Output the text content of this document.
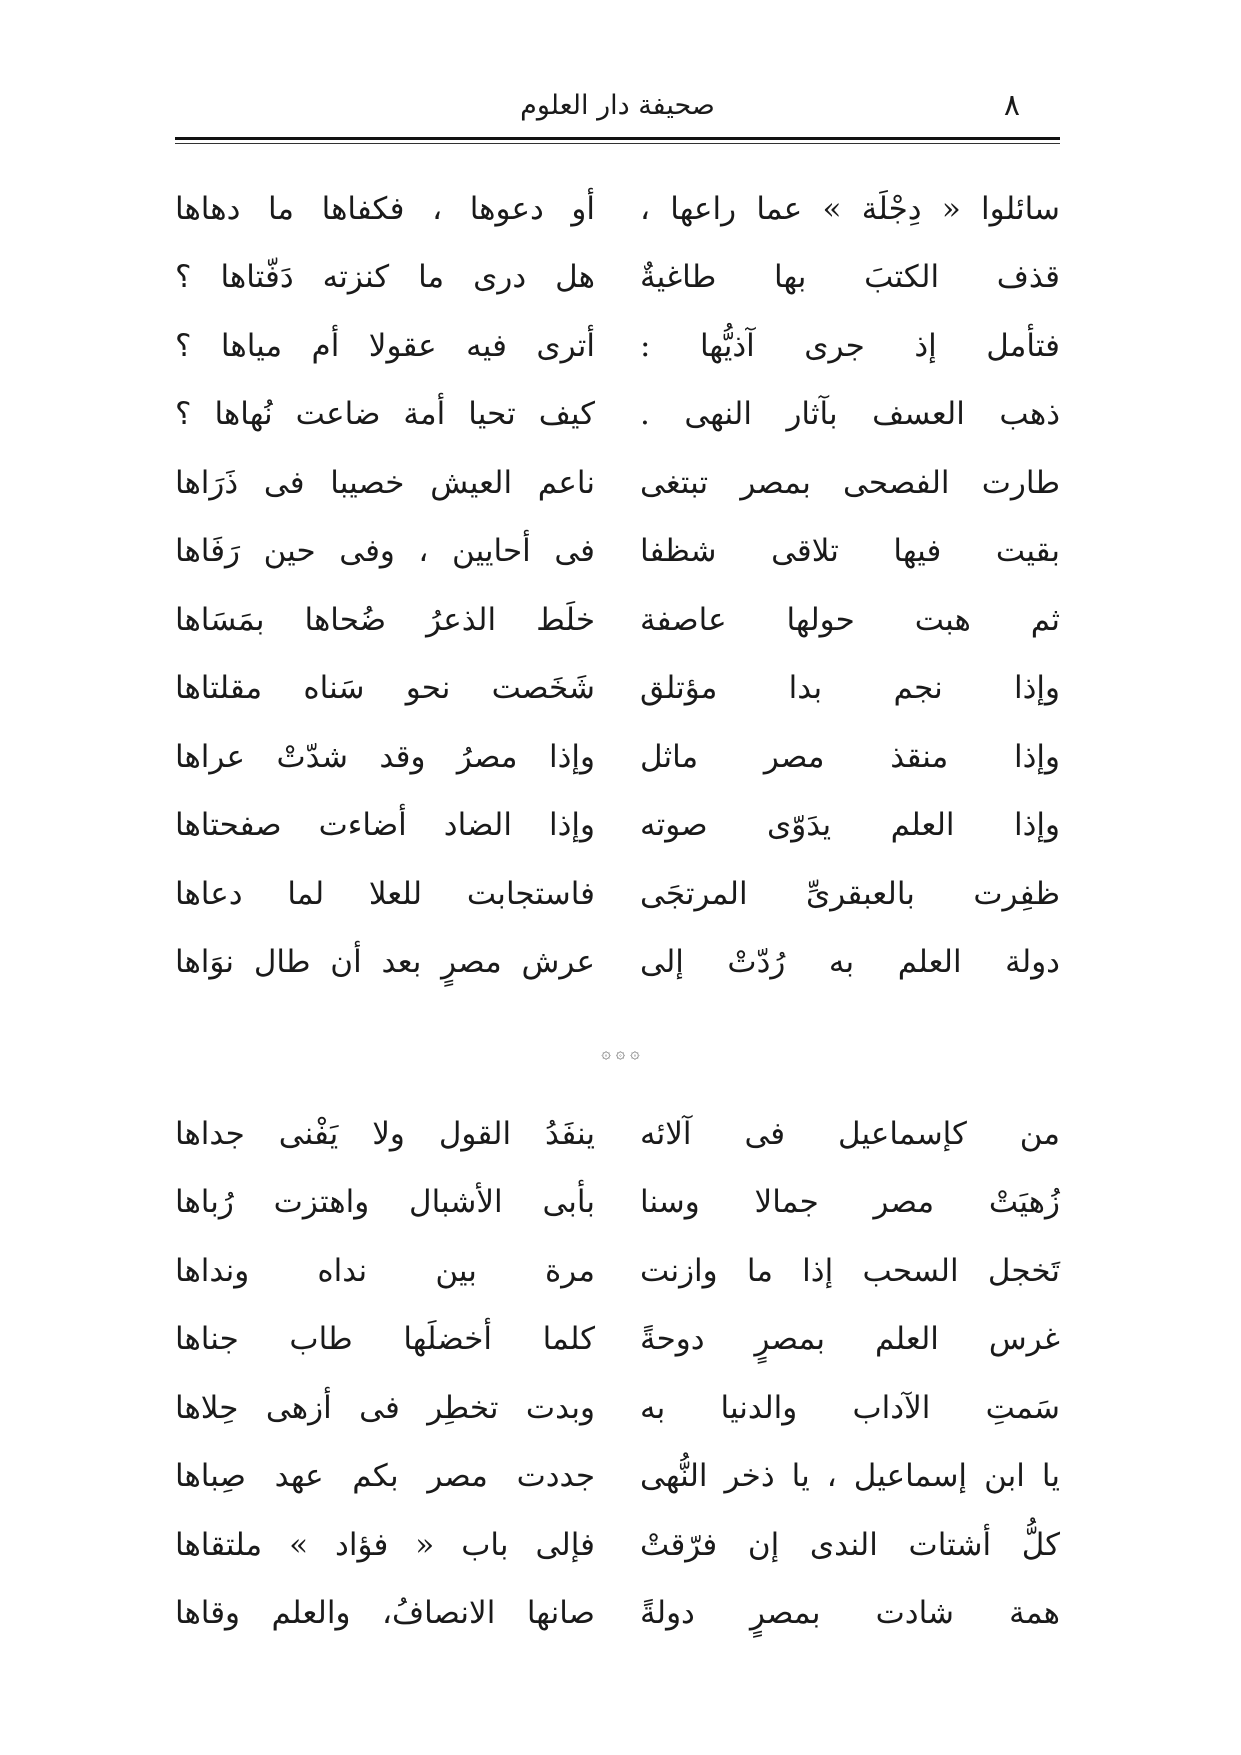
٨
صحيفة دار العلوم
سائلوا « دِجْلَة » عما راعها ،
أو دعوها ، فكفاها ما دهاها
قذف الكتبَ بها طاغيةٌ
هل درى ما كنزته دَفّتاها ؟
فتأمل إذ جرى آذيُّها :
أترى فيه عقولا أم مياها ؟
ذهب العسف بآثار النهى .
كيف تحيا أمة ضاعت نُهاها ؟
طارت الفصحى بمصر تبتغى
ناعم العيش خصيبا فى ذَرَاها
بقيت فيها تلاقى شظفا
فى أحايين ، وفى حين رَفَاها
ثم هبت حولها عاصفة
خلَط الذعرُ ضُحاها بمَسَاها
وإذا نجم بدا مؤتلق
شَخَصت نحو سَناه مقلتاها
وإذا منقذ مصر ماثل
وإذا مصرُ وقد شدّتْ عراها
وإذا العلم يدَوّى صوته
وإذا الضاد أضاءت صفحتاها
ظفِرت بالعبقرىِّ المرتجَى
فاستجابت للعلا لما دعاها
دولة العلم به رُدّتْ إلى
عرش مصرٍ بعد أن طال نوَاها
۞ ۞ ۞
من كإسماعيل فى آلائه
ينفَدُ القول ولا يَفْنى جداها
زُهيَتْ مصر جمالا وسنا
بأبى الأشبال واهتزت رُباها
تَخجل السحب إذا ما وازنت
مرة بين نداه ونداها
غرس العلم بمصرٍ دوحةً
كلما أخضلَها طاب جناها
سَمتِ الآداب والدنيا به
وبدت تخطِر فى أزهى حِلاها
يا ابن إسماعيل ، يا ذخر النُّهى
جددت مصر بكم عهد صِباها
كلُّ أشتات الندى إن فرّقتْ
فإلى باب « فؤاد » ملتقاها
همة شادت بمصرٍ دولةً
صانها الانصافُ، والعلم وقاها
